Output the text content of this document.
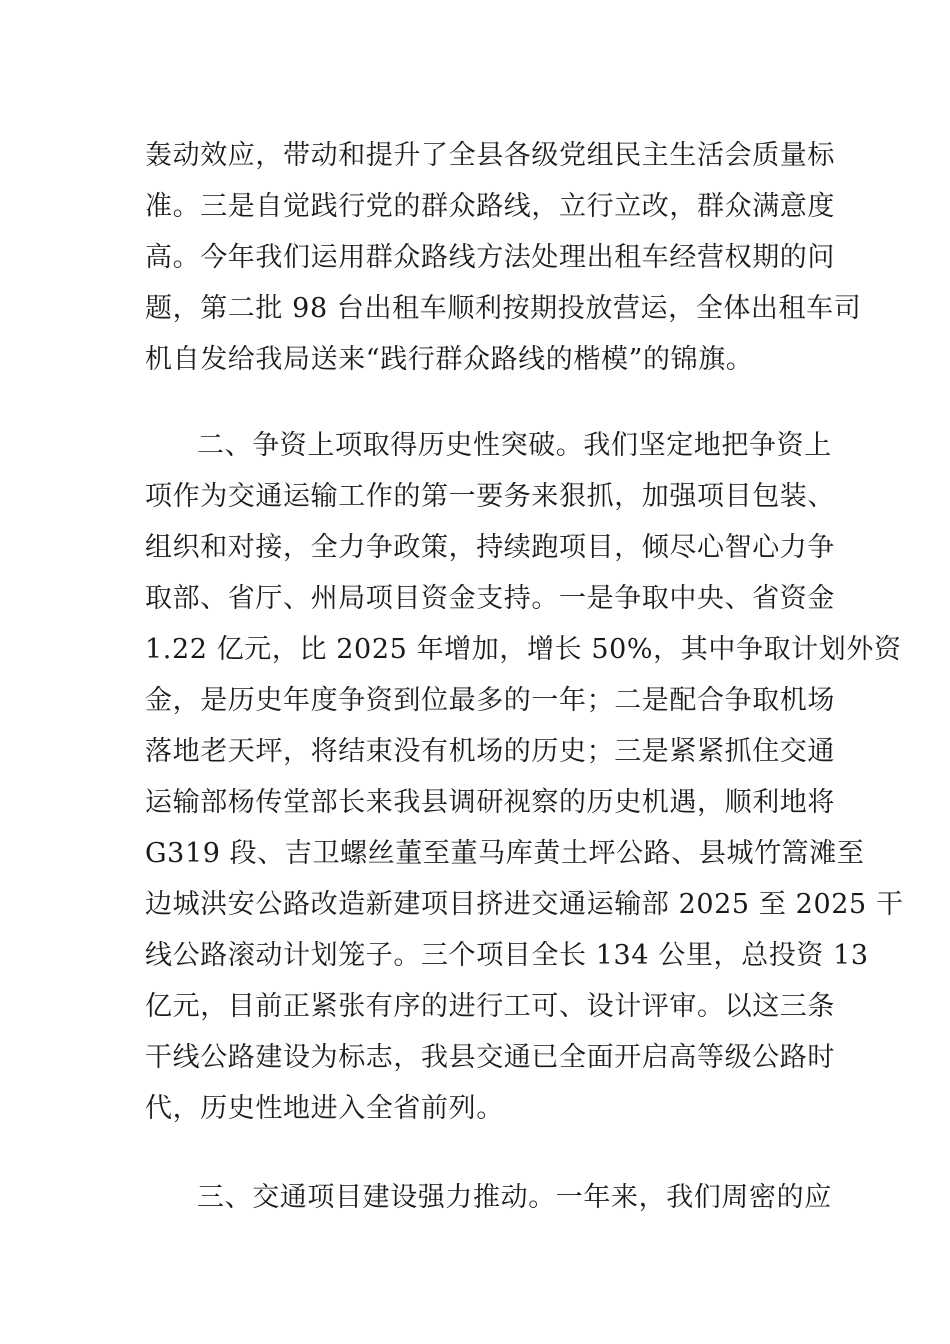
轰动效应，带动和提升了全县各级党组民主生活会质量标
准。三是自觉践行党的群众路线，立行立改，群众满意度
高。今年我们运用群众路线方法处理出租车经营权期的问
题，第二批 98 台出租车顺利按期投放营运，全体出租车司
机自发给我局送来“践行群众路线的楷模”的锦旗。
二、争资上项取得历史性突破。我们坚定地把争资上
项作为交通运输工作的第一要务来狠抓，加强项目包装、
组织和对接，全力争政策，持续跑项目，倾尽心智心力争
取部、省厅、州局项目资金支持。一是争取中央、省资金
1.22 亿元，比 2025 年增加，增长 50%，其中争取计划外资
金，是历史年度争资到位最多的一年；二是配合争取机场
落地老天坪，将结束没有机场的历史；三是紧紧抓住交通
运输部杨传堂部长来我县调研视察的历史机遇，顺利地将
G319 段、吉卫螺丝董至董马库黄土坪公路、县城竹篙滩至
边城洪安公路改造新建项目挤进交通运输部 2025 至 2025 干
线公路滚动计划笼子。三个项目全长 134 公里，总投资 13
亿元，目前正紧张有序的进行工可、设计评审。以这三条
干线公路建设为标志，我县交通已全面开启高等级公路时
代，历史性地进入全省前列。
三、交通项目建设强力推动。一年来，我们周密的应
